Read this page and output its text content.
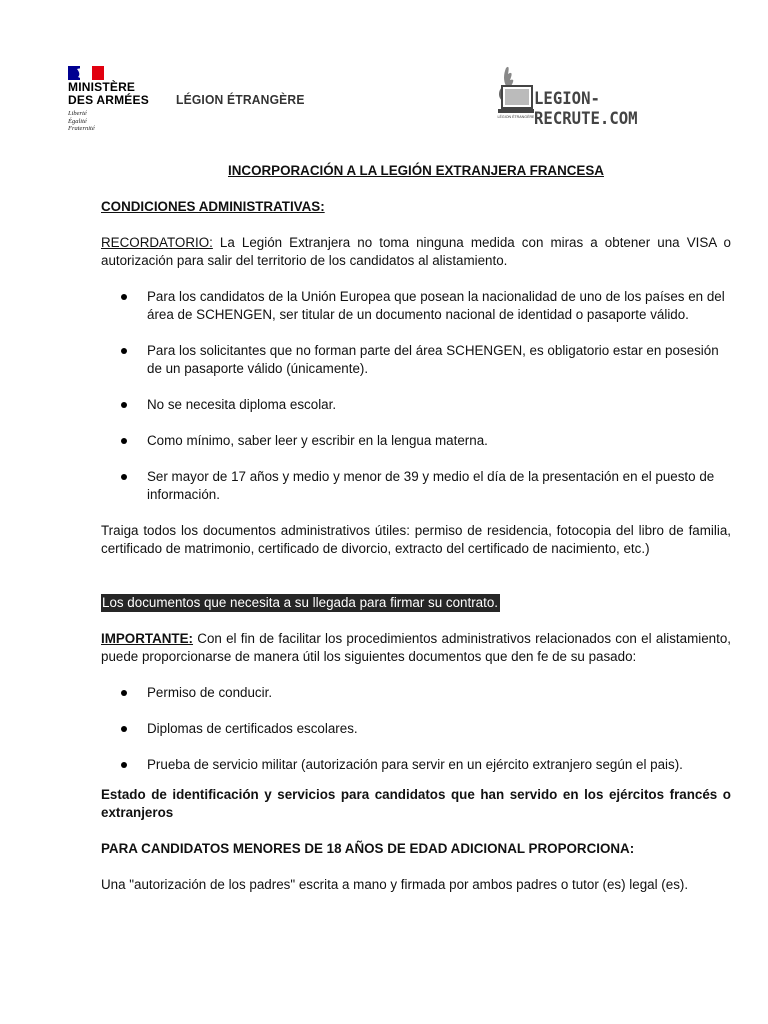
MINISTÈRE
DES ARMÉES
Liberté
Égalité
Fraternité
LÉGION ÉTRANGÈRE
LÉGION ÉTRANGÈRE
LEGION-RECRUTE.COM

INCORPORACIÓN A LA LEGIÓN EXTRANJERA FRANCESA

CONDICIONES ADMINISTRATIVAS:

RECORDATORIO: La Legión Extranjera no toma ninguna medida con miras a obtener una VISA o autorización para salir del territorio de los candidatos al alistamiento.

Para los candidatos de la Unión Europea que posean la nacionalidad de uno de los países en del área de SCHENGEN, ser titular de un documento nacional de identidad o pasaporte válido.
Para los solicitantes que no forman parte del área SCHENGEN, es obligatorio estar en posesión de un pasaporte válido (únicamente).
No se necesita diploma escolar.
Como mínimo, saber leer y escribir en la lengua materna.
Ser mayor de 17 años y medio y menor de 39 y medio el día de la presentación en el puesto de información.

Traiga todos los documentos administrativos útiles: permiso de residencia, fotocopia del libro de familia, certificado de matrimonio, certificado de divorcio, extracto del certificado de nacimiento, etc.)

Los documentos que necesita a su llegada para firmar su contrato.

IMPORTANTE: Con el fin de facilitar los procedimientos administrativos relacionados con el alistamiento, puede proporcionarse de manera útil los siguientes documentos que den fe de su pasado:

Permiso de conducir.
Diplomas de certificados escolares.
Prueba de servicio militar (autorización para servir en un ejército extranjero según el pais).

Estado de identificación y servicios para candidatos que han servido en los ejércitos francés o extranjeros

PARA CANDIDATOS MENORES DE 18 AÑOS DE EDAD ADICIONAL PROPORCIONA:

Una "autorización de los padres" escrita a mano y firmada por ambos padres o tutor (es) legal (es).
